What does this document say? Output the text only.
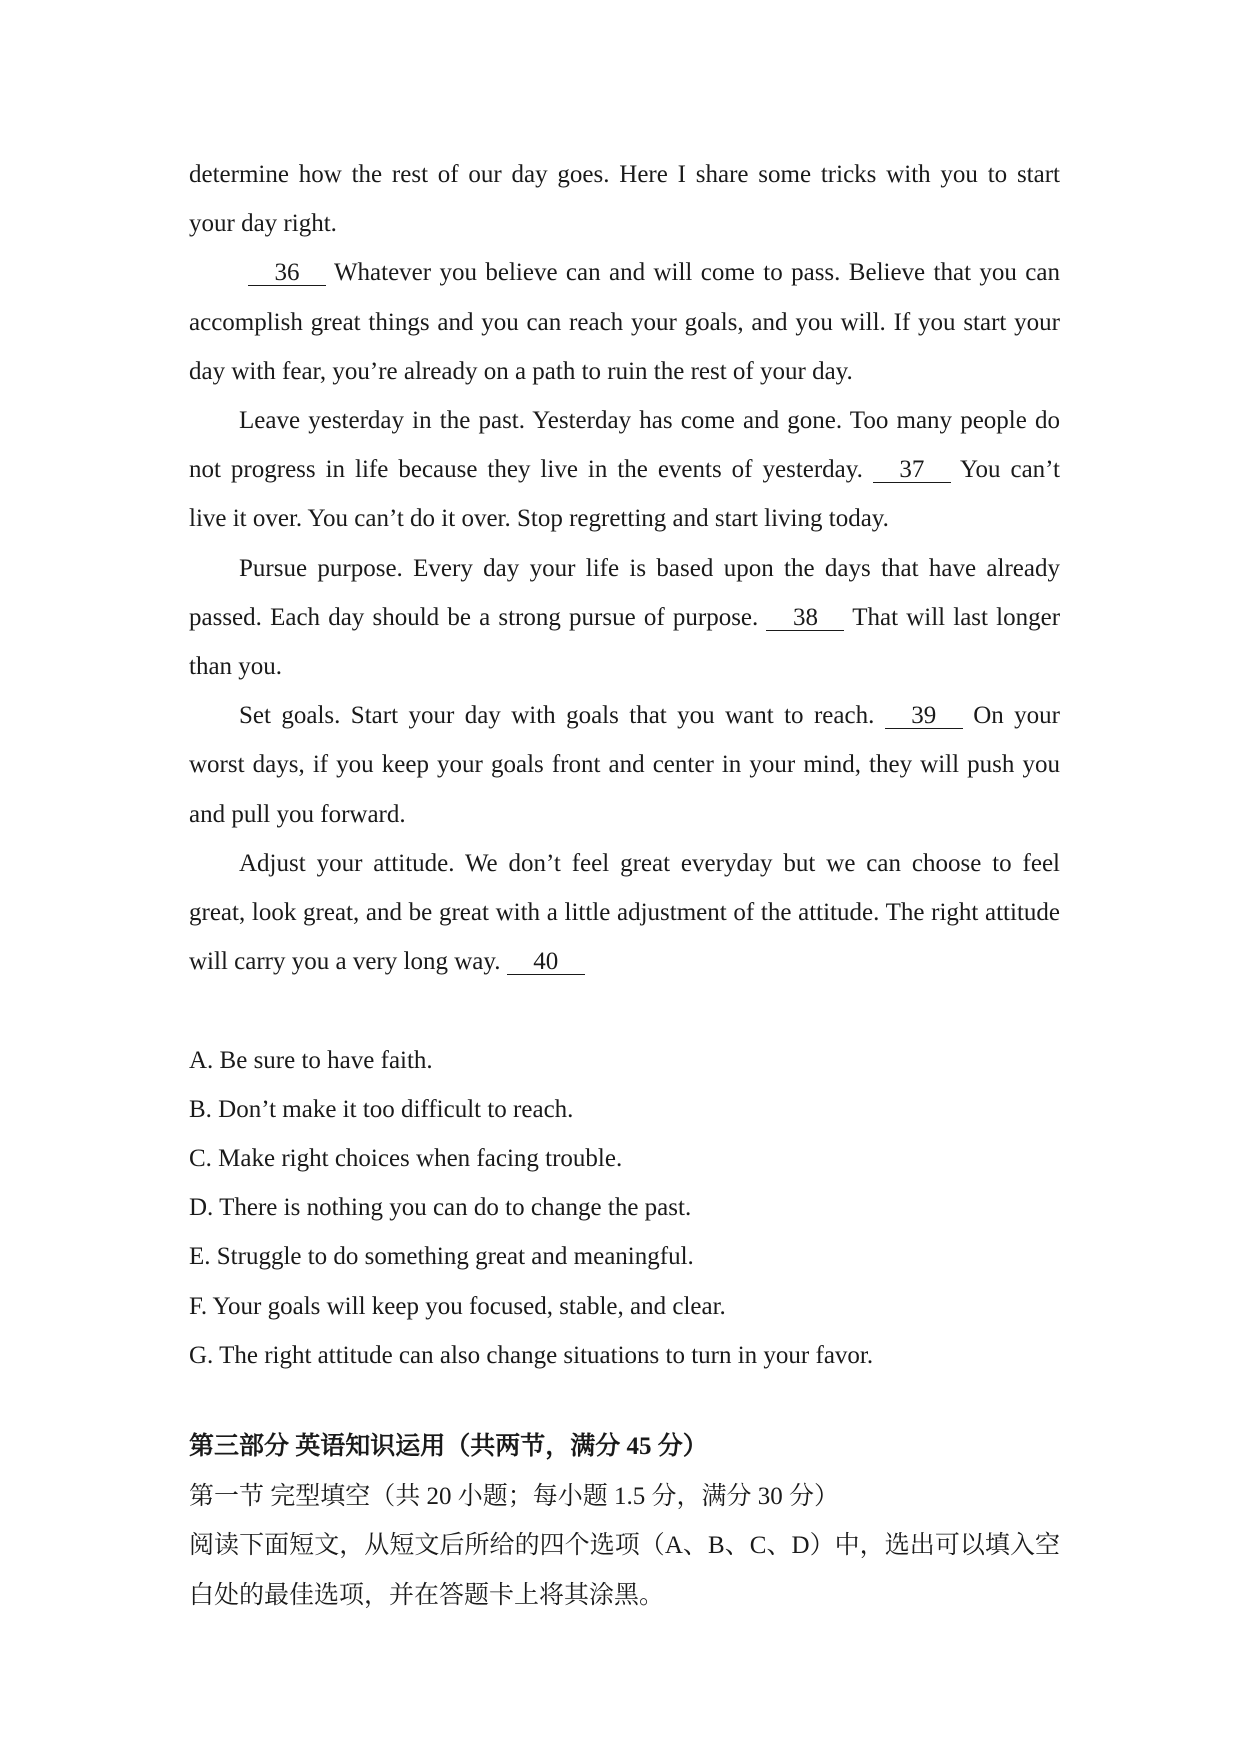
determine how the rest of our day goes. Here I share some tricks with you to start
your day right.
36 Whatever you believe can and will come to pass. Believe that you can
accomplish great things and you can reach your goals, and you will. If you start your
day with fear, you’re already on a path to ruin the rest of your day.
Leave yesterday in the past. Yesterday has come and gone. Too many people do
not progress in life because they live in the events of yesterday. 37 You can’t
live it over. You can’t do it over. Stop regretting and start living today.
Pursue purpose. Every day your life is based upon the days that have already
passed. Each day should be a strong pursue of purpose. 38 That will last longer
than you.
Set goals. Start your day with goals that you want to reach. 39 On your
worst days, if you keep your goals front and center in your mind, they will push you
and pull you forward.
Adjust your attitude. We don’t feel great everyday but we can choose to feel
great, look great, and be great with a little adjustment of the attitude. The right attitude
will carry you a very long way. 40
A. Be sure to have faith.
B. Don’t make it too difficult to reach.
C. Make right choices when facing trouble.
D. There is nothing you can do to change the past.
E. Struggle to do something great and meaningful.
F. Your goals will keep you focused, stable, and clear.
G. The right attitude can also change situations to turn in your favor.
第三部分 英语知识运用（共两节，满分 45 分）
第一节 完型填空（共 20 小题；每小题 1.5 分，满分 30 分）
阅读下面短文，从短文后所给的四个选项（A、B、C、D）中，选出可以填入空
白处的最佳选项，并在答题卡上将其涂黑。
